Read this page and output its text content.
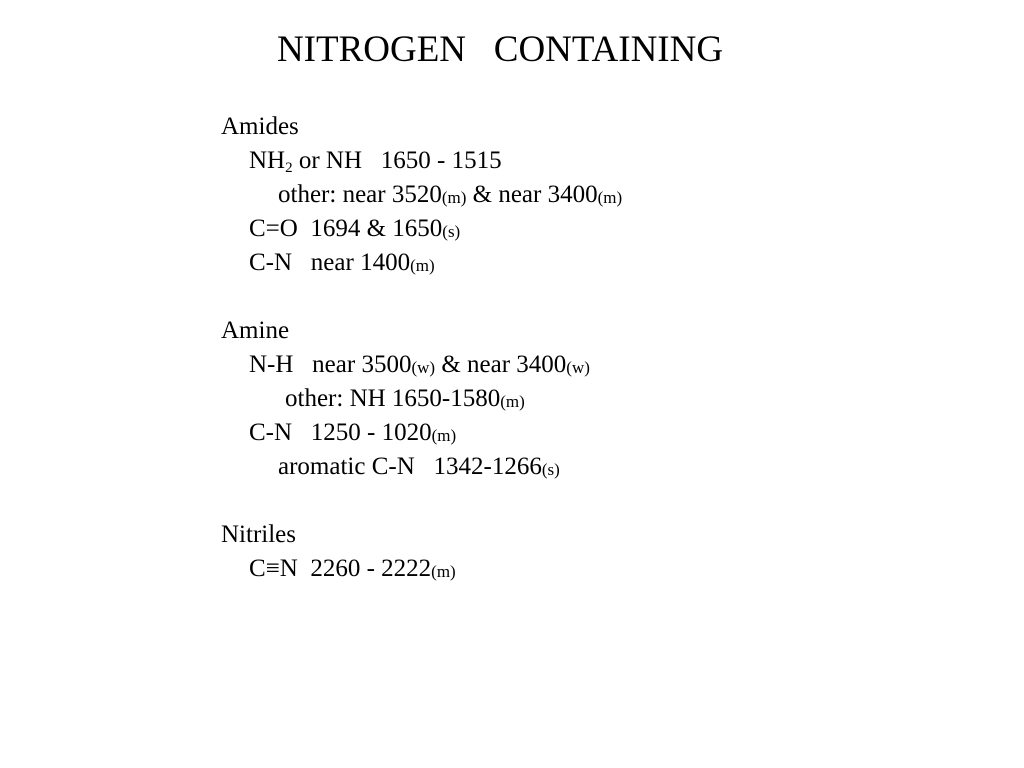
NITROGEN   CONTAINING
Amides
$NH_2$ or NH   1650 - 1515
other: near 3520(m) & near 3400(m)
C=O  1694 & 1650(s)
C-N   near 1400(m)
Amine
N-H   near 3500(w) & near 3400(w)
other: NH 1650-1580(m)
C-N   1250 - 1020(m)
aromatic C-N   1342-1266(s)
Nitriles
C≡N  2260 - 2222(m)
